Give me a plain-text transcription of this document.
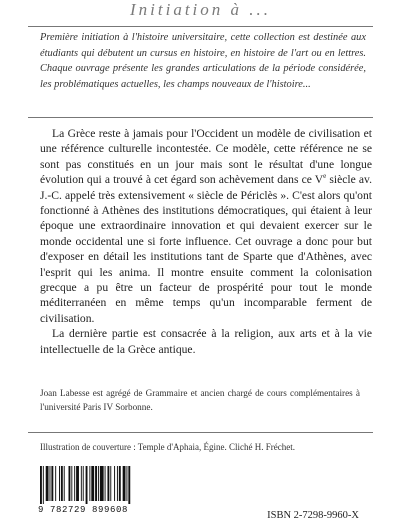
Initiation à ...
Première initiation à l'histoire universitaire, cette collection est destinée aux étudiants qui débutent un cursus en histoire, en histoire de l'art ou en lettres. Chaque ouvrage présente les grandes articulations de la période considérée, les problématiques actuelles, les champs nouveaux de l'histoire...

La Grèce reste à jamais pour l'Occident un modèle de civilisation et une référence culturelle incontestée. Ce modèle, cette référence ne se sont pas constitués en un jour mais sont le résultat d'une longue évolution qui a trouvé à cet égard son achèvement dans ce Ve siècle av. J.-C. appelé très extensivement « siècle de Périclès ». C'est alors qu'ont fonctionné à Athènes des institutions démocratiques, qui étaient à leur époque une extraordinaire innovation et qui devaient exercer sur le monde occidental une si forte influence. Cet ouvrage a donc pour but d'exposer en détail les institutions tant de Sparte que d'Athènes, avec l'esprit qui les anima. Il montre ensuite comment la colonisation grecque a pu être un facteur de prospérité pour tout le monde méditerranéen en même temps qu'un incomparable ferment de civilisation.

La dernière partie est consacrée à la religion, aux arts et à la vie intellectuelle de la Grèce antique.

Joan Labesse est agrégé de Grammaire et ancien chargé de cours complémentaires à l'université Paris IV Sorbonne.
Illustration de couverture : Temple d'Aphaia, Égine. Cliché H. Fréchet.
9 782729 899608	ISBN 2-7298-9960-X
